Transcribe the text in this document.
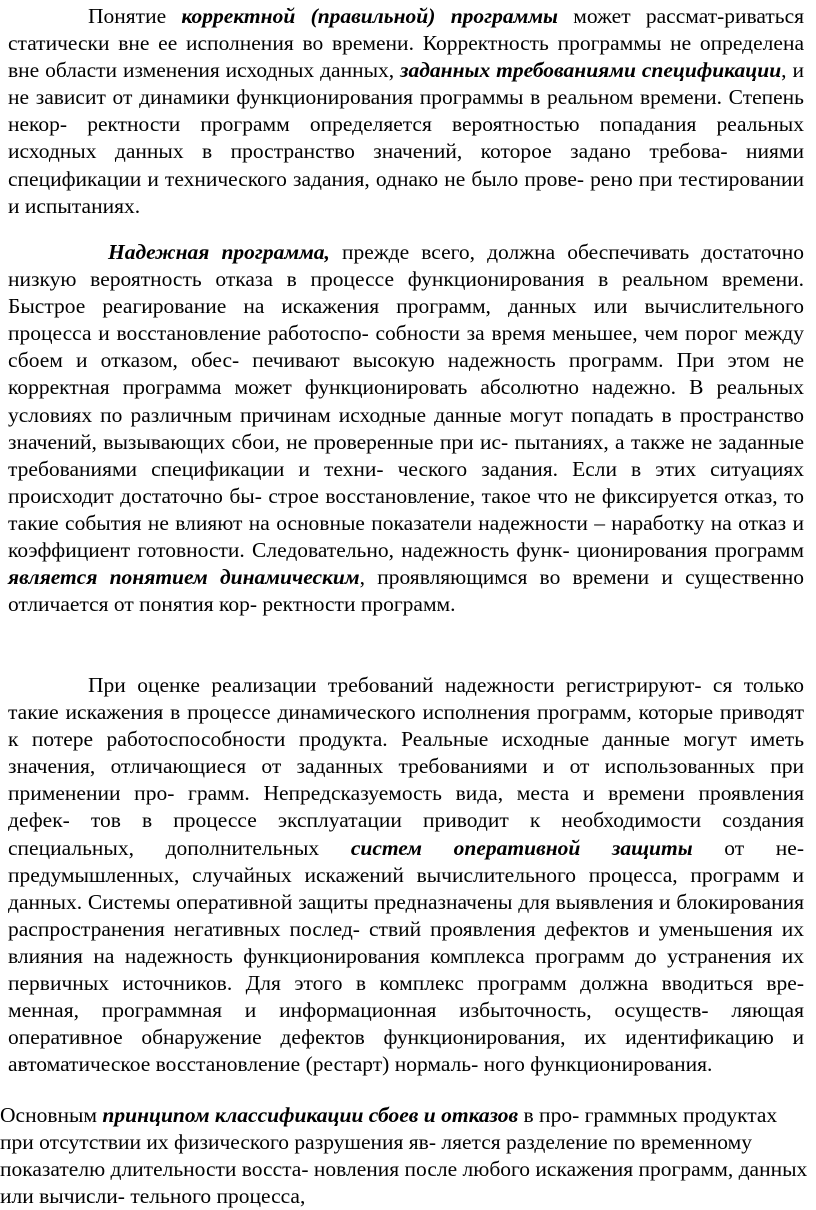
Понятие корректной (правильной) программы может рассмат-риваться статически вне ее исполнения во времени. Корректность программы не определена вне области изменения исходных данных, заданных требованиями спецификации, и не зависит от динамики функционирования программы в реальном времени. Степень некор- ректности программ определяется вероятностью попадания реальных исходных данных в пространство значений, которое задано требова- ниями спецификации и технического задания, однако не было прове- рено при тестировании и испытаниях.

Надежная программа, прежде всего, должна обеспечивать достаточно низкую вероятность отказа в процессе функционирования в реальном времени. Быстрое реагирование на искажения программ, данных или вычислительного процесса и восстановление работоспо- собности за время меньшее, чем порог между сбоем и отказом, обес- печивают высокую надежность программ. При этом не корректная программа может функционировать абсолютно надежно. В реальных условиях по различным причинам исходные данные могут попадать в пространство значений, вызывающих сбои, не проверенные при ис- пытаниях, а также не заданные требованиями спецификации и техни- ческого задания. Если в этих ситуациях происходит достаточно бы- строе восстановление, такое что не фиксируется отказ, то такие события не влияют на основные показатели надежности – наработку на отказ и коэффициент готовности. Следовательно, надежность функ- ционирования программ является понятием динамическим, проявляющимся во времени и существенно отличается от понятия кор- ректности программ.

При оценке реализации требований надежности регистрируют- ся только такие искажения в процессе динамического исполнения программ, которые приводят к потере работоспособности продукта. Реальные исходные данные могут иметь значения, отличающиеся от заданных требованиями и от использованных при применении про- грамм. Непредсказуемость вида, места и времени проявления дефек- тов в процессе эксплуатации приводит к необходимости создания специальных, дополнительных систем оперативной защиты от не- предумышленных, случайных искажений вычислительного процесса, программ и данных. Системы оперативной защиты предназначены для выявления и блокирования распространения негативных послед- ствий проявления дефектов и уменьшения их влияния на надежность функционирования комплекса программ до устранения их первичных источников. Для этого в комплекс программ должна вводиться вре- менная, программная и информационная избыточность, осуществ- ляющая оперативное обнаружение дефектов функционирования, их идентификацию и автоматическое восстановление (рестарт) нормаль- ного функционирования.

Основным принципом классификации сбоев и отказов в про- граммных продуктах при отсутствии их физического разрушения яв- ляется разделение по временному показателю длительности восста- новления после любого искажения программ, данных или вычисли- тельного процесса,
